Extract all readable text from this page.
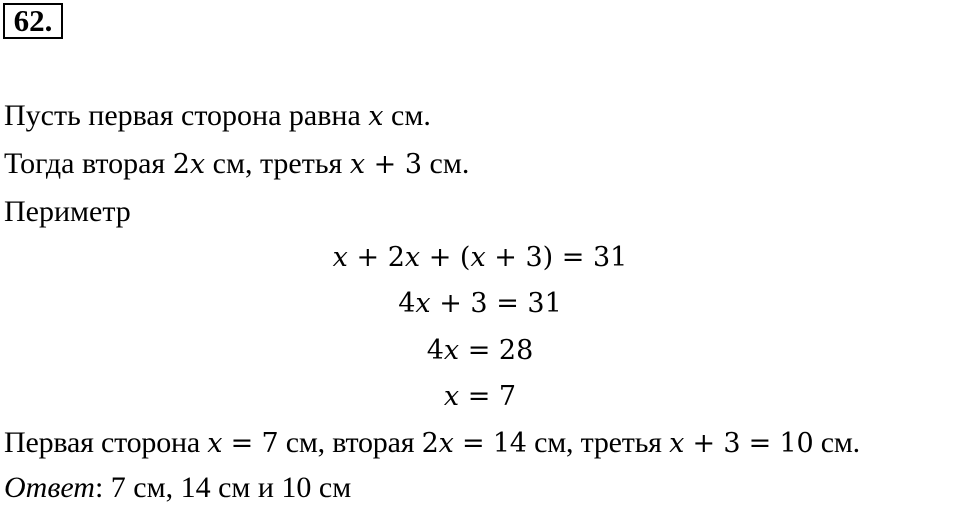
62.
Пусть первая сторона равна x см.
Тогда вторая 2x см, третья x + 3 см.
Периметр
x + 2x + (x + 3) = 31
4x + 3 = 31
4x = 28
x = 7
Первая сторона x = 7 см, вторая 2x = 14 см, третья x + 3 = 10 см.
Ответ: 7 см, 14 см и 10 см
